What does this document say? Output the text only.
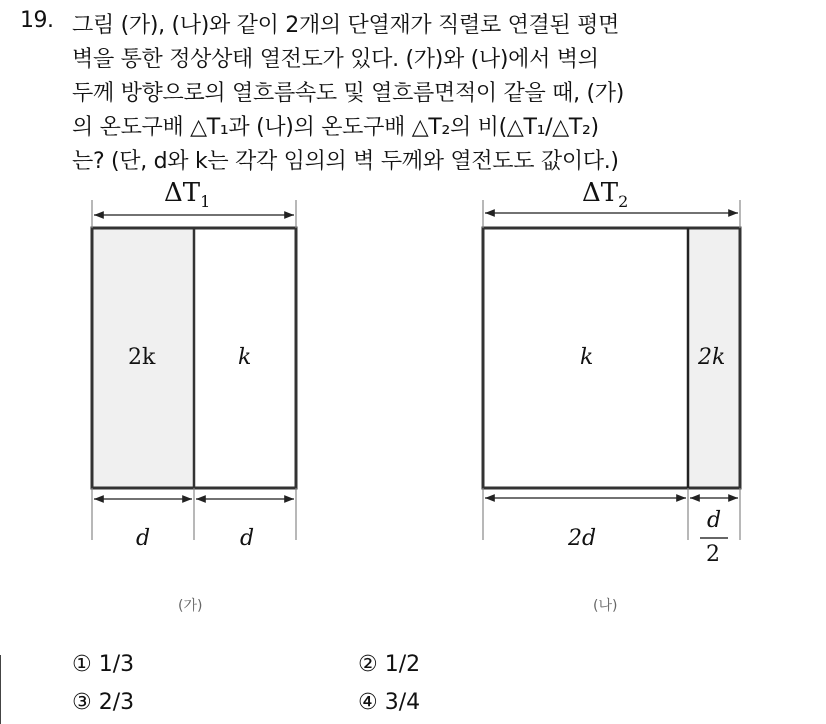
19. 그림 (가), (나)와 같이 2개의 단열재가 직렬로 연결된 평면
벽을 통한 정상상태 열전도가 있다. (가)와 (나)에서 벽의
두께 방향으로의 열흐름속도 및 열흐름면적이 같을 때, (가)
의 온도구배 △T₁과 (나)의 온도구배 △T₂의 비(△T₁/△T₂)
는? (단, d와 k는 각각 임의의 벽 두께와 열전도도 값이다.)
$\Delta T_1$
2k	k
d	d
(가)
$\Delta T_2$
k	2k
2d
d
2
(나)
① 1/3	② 1/2
③ 2/3	④ 3/4
